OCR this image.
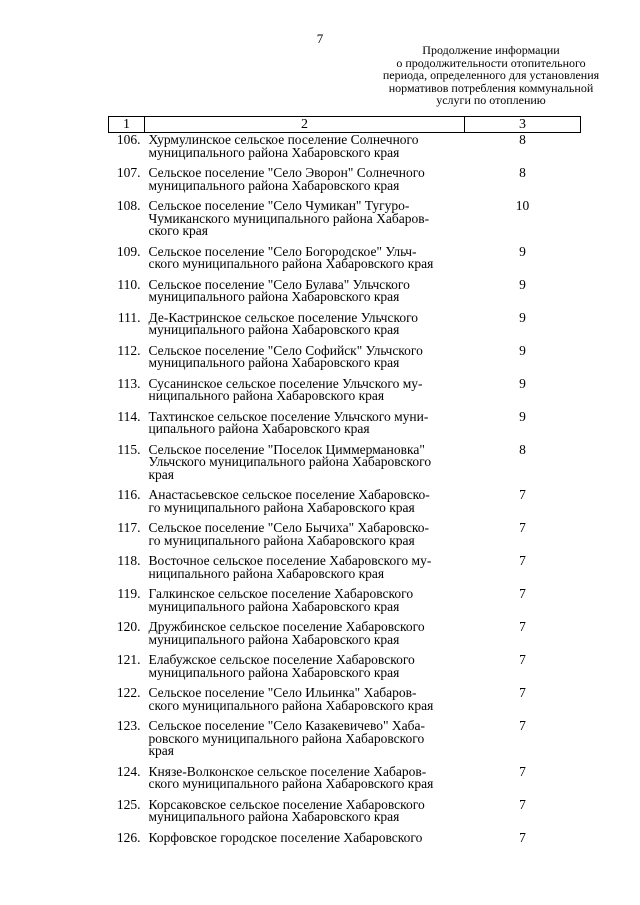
7
Продолжение информации
о продолжительности отопительного
периода, определенного для установления
нормативов потребления коммунальной
услуги по отоплению
1	2	3
106.	Хурмулинское сельское поселение Солнечного
муниципального района Хабаровского края	8
107.	Сельское поселение "Село Эворон" Солнечного
муниципального района Хабаровского края	8
108.	Сельское поселение "Село Чумикан" Тугуро-
Чумиканского муниципального района Хабаров-
ского края	10
109.	Сельское поселение "Село Богородское" Ульч-
ского муниципального района Хабаровского края	9
110.	Сельское поселение "Село Булава" Ульчского
муниципального района Хабаровского края	9
111.	Де-Кастринское сельское поселение Ульчского
муниципального района Хабаровского края	9
112.	Сельское поселение "Село Софийск" Ульчского
муниципального района Хабаровского края	9
113.	Сусанинское сельское поселение Ульчского му-
ниципального района Хабаровского края	9
114.	Тахтинское сельское поселение Ульчского муни-
ципального района Хабаровского края	9
115.	Сельское поселение "Поселок Циммермановка"
Ульчского муниципального района Хабаровского
края	8
116.	Анастасьевское сельское поселение Хабаровско-
го муниципального района Хабаровского края	7
117.	Сельское поселение "Село Бычиха" Хабаровско-
го муниципального района Хабаровского края	7
118.	Восточное сельское поселение Хабаровского му-
ниципального района Хабаровского края	7
119.	Галкинское сельское поселение Хабаровского
муниципального района Хабаровского края	7
120.	Дружбинское сельское поселение Хабаровского
муниципального района Хабаровского края	7
121.	Елабужское сельское поселение Хабаровского
муниципального района Хабаровского края	7
122.	Сельское поселение "Село Ильинка" Хабаров-
ского муниципального района Хабаровского края	7
123.	Сельское поселение "Село Казакевичево" Хаба-
ровского муниципального района Хабаровского
края	7
124.	Князе-Волконское сельское поселение Хабаров-
ского муниципального района Хабаровского края	7
125.	Корсаковское сельское поселение Хабаровского
муниципального района Хабаровского края	7
126.	Корфовское городское поселение Хабаровского	7
